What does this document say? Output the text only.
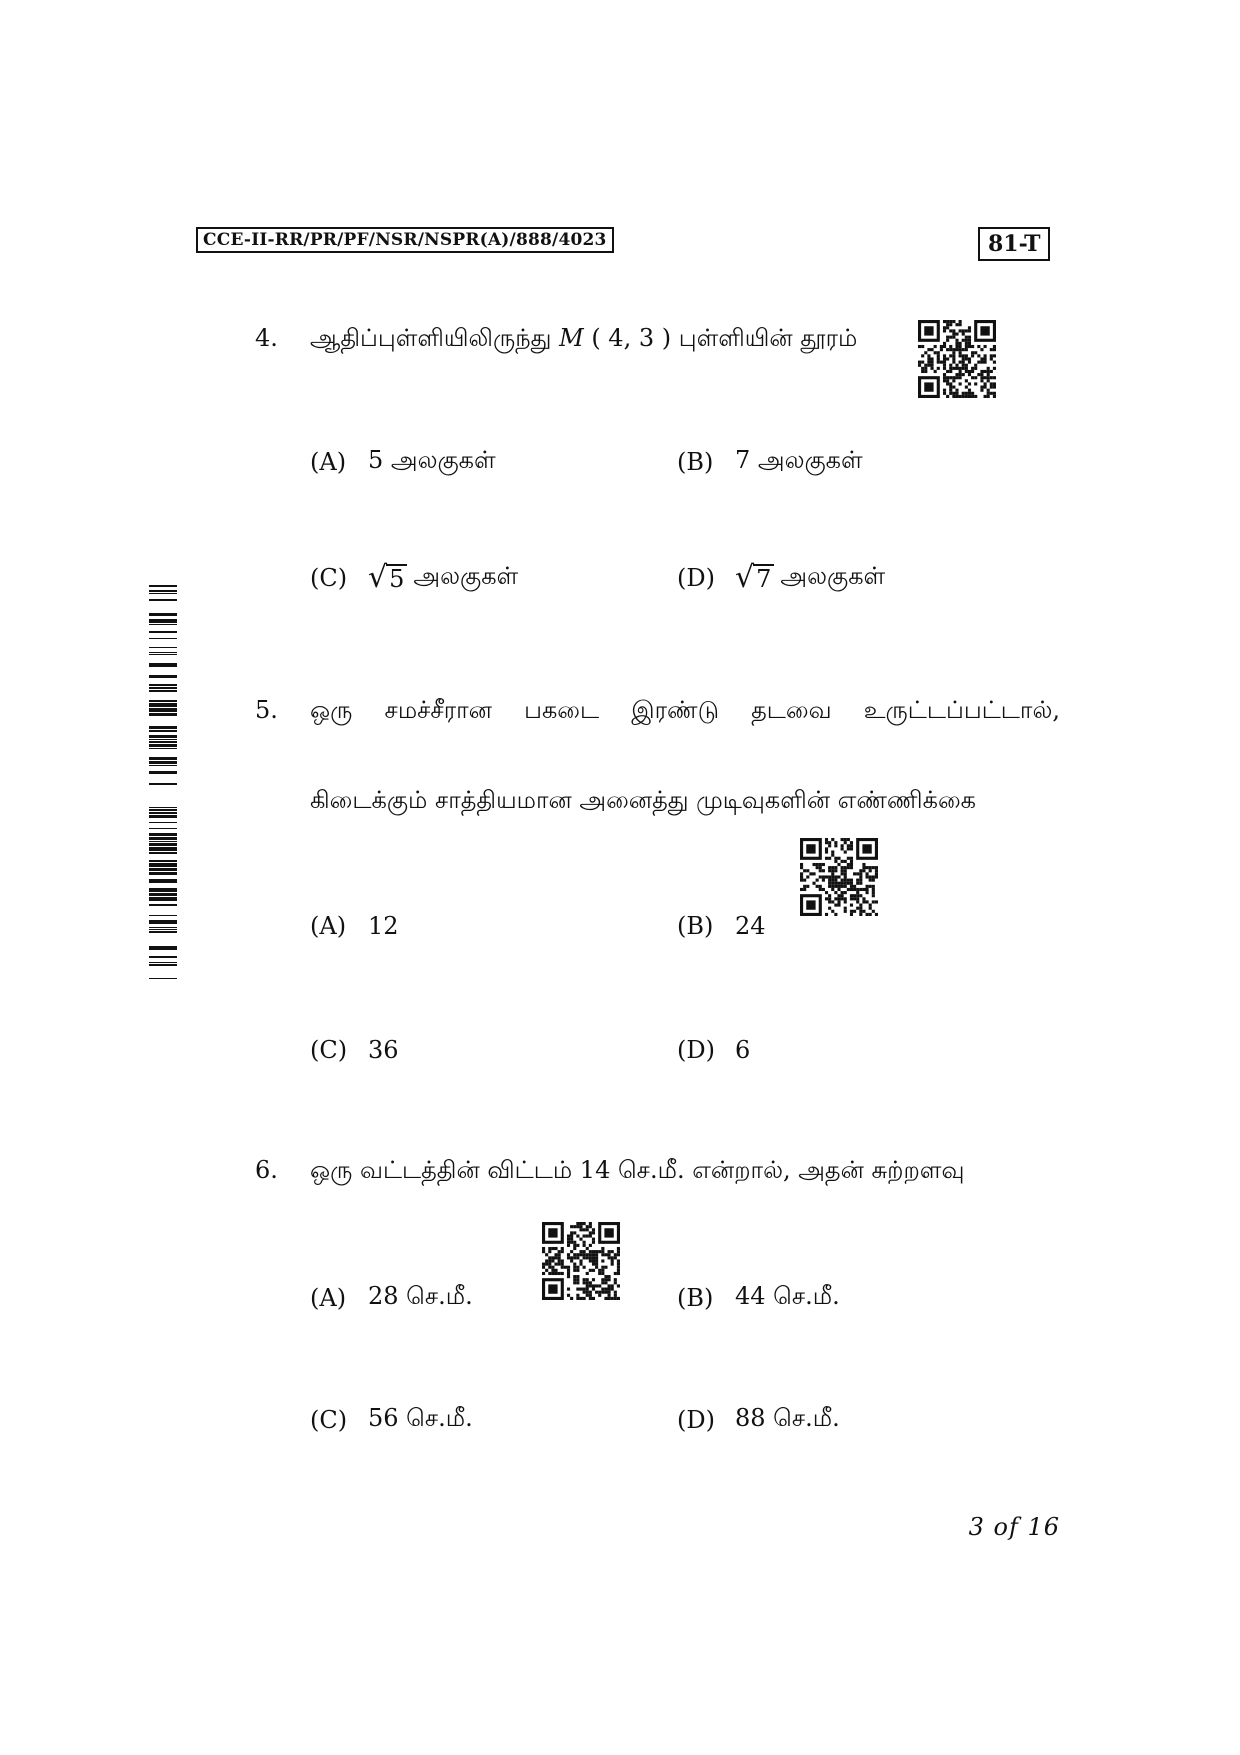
CCE-II-RR/PR/PF/NSR/NSPR(A)/888/4023	81-T
4. ஆதிப்புள்ளியிலிருந்து M ( 4, 3 ) புள்ளியின் தூரம்
(A) 5 அலகுகள்	(B) 7 அலகுகள்
(C) √ 5 அலகுகள்	(D) √ 7 அலகுகள்
5. ஒரு சமச்சீரான பகடை இரண்டு தடவை உருட்டப்பட்டால்,
கிடைக்கும் சாத்தியமான அனைத்து முடிவுகளின் எண்ணிக்கை
(A) 12	(B) 24
(C) 36	(D) 6
6. ஒரு வட்டத்தின் விட்டம் 14 செ.மீ. என்றால், அதன் சுற்றளவு
(A) 28 செ.மீ.	(B) 44 செ.மீ.
(C) 56 செ.மீ.	(D) 88 செ.மீ.
3 of 16
